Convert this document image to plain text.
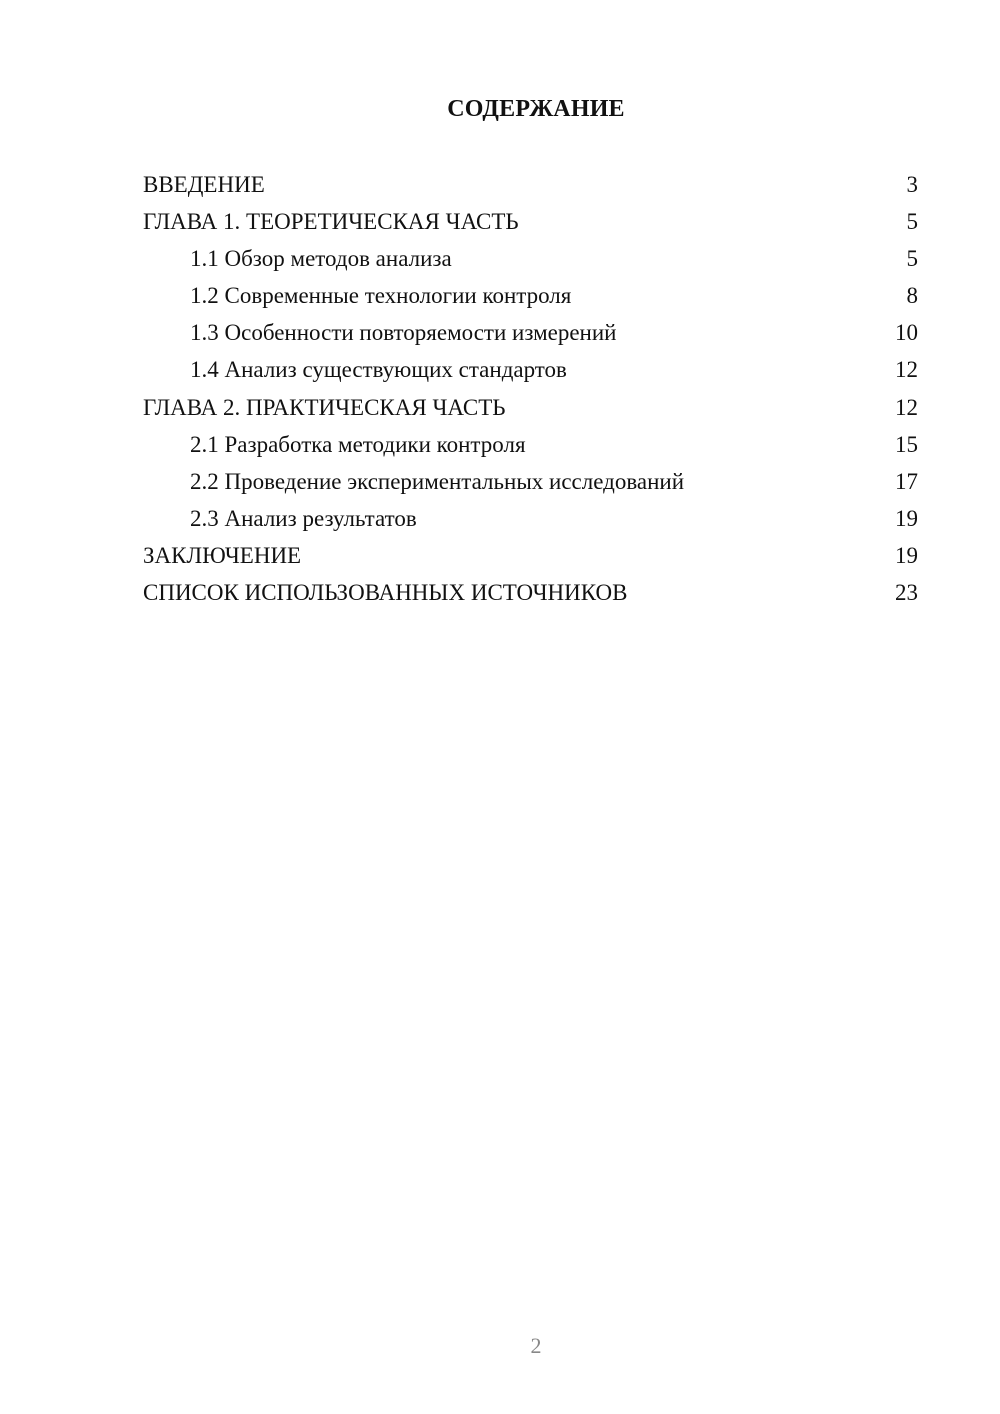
СОДЕРЖАНИЕ
ВВЕДЕНИЕ	3
ГЛАВА 1. ТЕОРЕТИЧЕСКАЯ ЧАСТЬ	5
1.1 Обзор методов анализа	5
1.2 Современные технологии контроля	8
1.3 Особенности повторяемости измерений	10
1.4 Анализ существующих стандартов	12
ГЛАВА 2. ПРАКТИЧЕСКАЯ ЧАСТЬ	12
2.1 Разработка методики контроля	15
2.2 Проведение экспериментальных исследований	17
2.3 Анализ результатов	19
ЗАКЛЮЧЕНИЕ	19
СПИСОК ИСПОЛЬЗОВАННЫХ ИСТОЧНИКОВ	23
2
